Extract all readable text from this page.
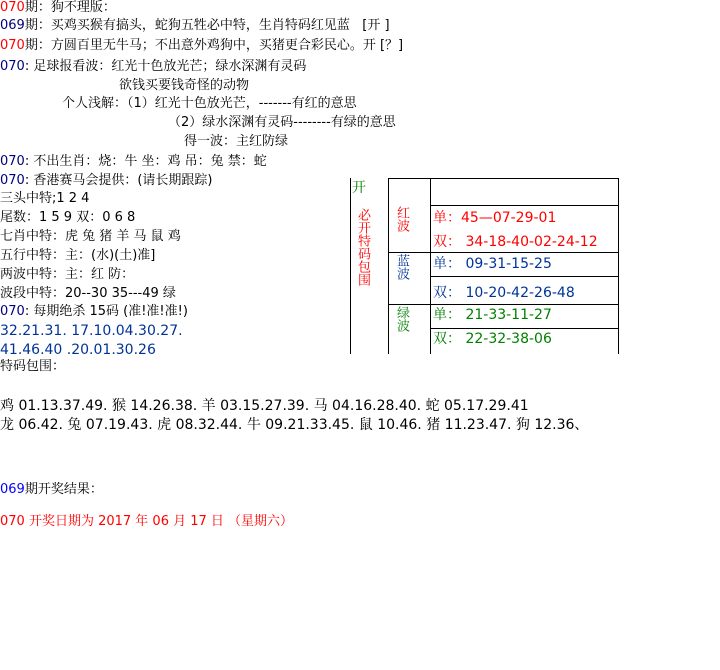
070期：狗不理版：
069期：买鸡买猴有搞头，蛇狗五牲必中特，生肖特码红见蓝 [开 ]
070期：方圆百里无牛马；不出意外鸡狗中，买猪更合彩民心。开 [？]
070: 足球报看波：红光十色放光芒；绿水深渊有灵码
欲钱买要钱奇怪的动物
个人浅解：（1）红光十色放光芒，-------有红的意思
（2）绿水深渊有灵码--------有绿的意思
得一波：主红防绿
070: 不出生肖：烧：牛 坐：鸡 吊：兔 禁：蛇
070: 香港赛马会提供：(请长期跟踪)
三头中特;1 2 4
尾数：1 5 9 双：0 6 8
七肖中特：虎 兔 猪 羊 马 鼠 鸡
五行中特：主：(水)(土)准]
两波中特：主：红 防：
波段中特：20--30 35---49 绿
070: 每期绝杀 15码 (准!准!准!)
32.21.31. 17.10.04.30.27.
41.46.40 .20.01.30.26
特码包围：
鸡 01.13.37.49. 猴 14.26.38. 羊 03.15.27.39. 马 04.16.28.40. 蛇 05.17.29.41
龙 06.42. 兔 07.19.43. 虎 08.32.44. 牛 09.21.33.45. 鼠 10.46. 猪 11.23.47. 狗 12.36、
069期开奖结果：
070 开奖日期为 2017 年 06 月 17 日 （星期六）
开
必开特码包围 红波
蓝波
绿波
单：45—07-29-01
双： 34-18-40-02-24-12
单： 09-31-15-25
双： 10-20-42-26-48
单： 21-33-11-27
双： 22-32-38-06
